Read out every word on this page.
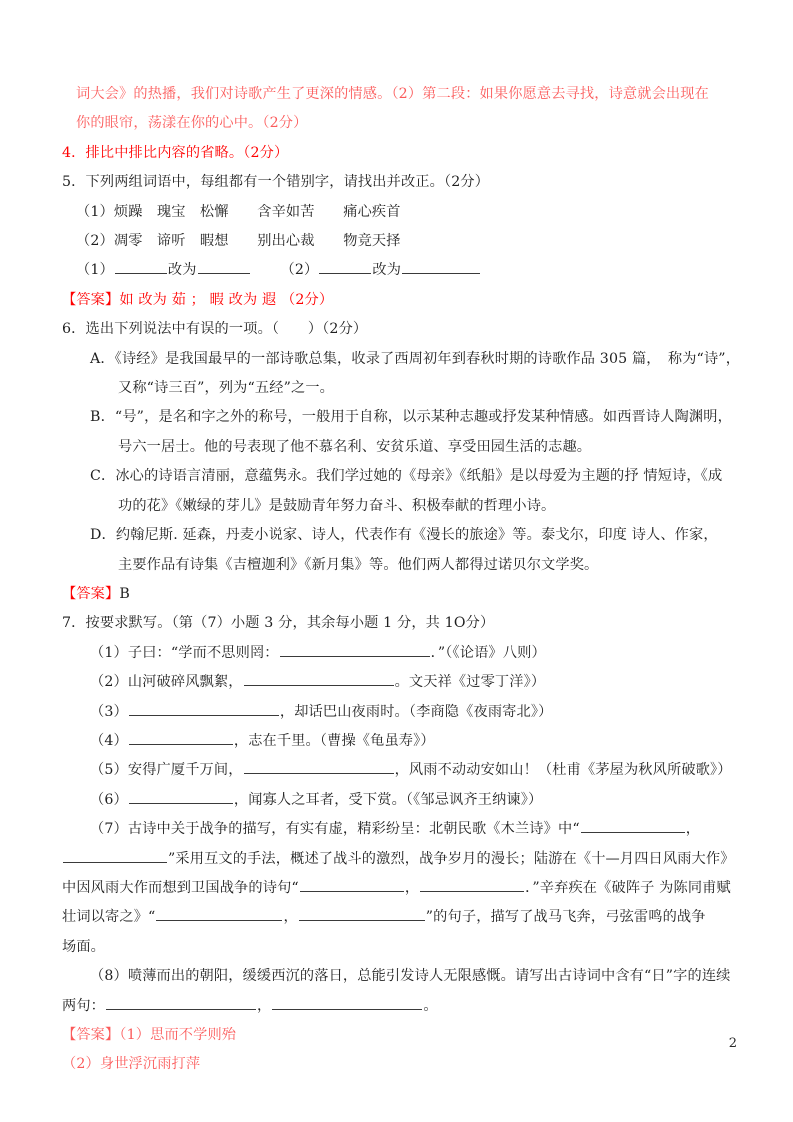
词大会》的热播，我们对诗歌产生了更深的情感。（2）第二段：如果你愿意去寻找，诗意就会出现在
你的眼帘，荡漾在你的心中。（2分）
4．排比中排比内容的省略。（2分）
5．下列两组词语中，每组都有一个错别字，请找出并改正。（2分）
（1）烦躁　瑰宝　松懈　　含辛如苦　　痛心疾首
（2）凋零　谛听　暇想　　别出心裁　　物竞天择
（1）	改为	（2）	改为
【答案】如 改为 茹 ； 暇 改为 遐 （2分）
6．选出下列说法中有误的一项。（　　）（2分）
A．《诗经》是我国最早的一部诗歌总集，收录了西周初年到春秋时期的诗歌作品 305 篇，　称为“诗”，
又称“诗三百”，列为“五经”之一。
B．“号”，是名和字之外的称号，一般用于自称，以示某种志趣或抒发某种情感。如西晋诗人陶渊明，
号六一居士。他的号表现了他不慕名利、安贫乐道、享受田园生活的志趣。
C．冰心的诗语言清丽，意蕴隽永。我们学过她的《母亲》《纸船》是以母爱为主题的抒 情短诗，《成
功的花》《嫩绿的芽儿》是鼓励青年努力奋斗、积极奉献的哲理小诗。
D．约翰尼斯. 延森，丹麦小说家、诗人，代表作有《漫长的旅途》等。泰戈尔，印度 诗人、作家，
主要作品有诗集《吉檀迦利》《新月集》等。他们两人都得过诺贝尔文学奖。
【答案】B
7．按要求默写。（第（7）小题 3 分，其余每小题 1 分，共 1O分）
（1）子曰：“学而不思则罔：	．”（《论语》八则）
（2）山河破碎风飘絮，	。文天祥《过零丁洋》）
（3）	，却话巴山夜雨时。（李商隐《夜雨寄北》）
（4）	，志在千里。（曹操《龟虽寿》）
（5）安得广厦千万间，	，风雨不动动安如山！（杜甫《茅屋为秋风所破歌》）
（6）	，闻寡人之耳者，受下赏。（《邹忌讽齐王纳谏》）
（7）古诗中关于战争的描写，有实有虚，精彩纷呈：北朝民歌《木兰诗》中“	，
”采用互文的手法，概述了战斗的激烈，战争岁月的漫长；陆游在《十—月四日风雨大作》
中因风雨大作而想到卫国战争的诗句“	，	．”辛弃疾在《破阵子 为陈同甫赋
壮词以寄之》“	，	”的句子，描写了战马飞奔，弓弦雷鸣的战争
场面。
（8）喷薄而出的朝阳，缓缓西沉的落日，总能引发诗人无限感慨。请写出古诗词中含有“日”字的连续
两句：	，	。
【答案】（1）思而不学则殆
（2）身世浮沉雨打萍
2
